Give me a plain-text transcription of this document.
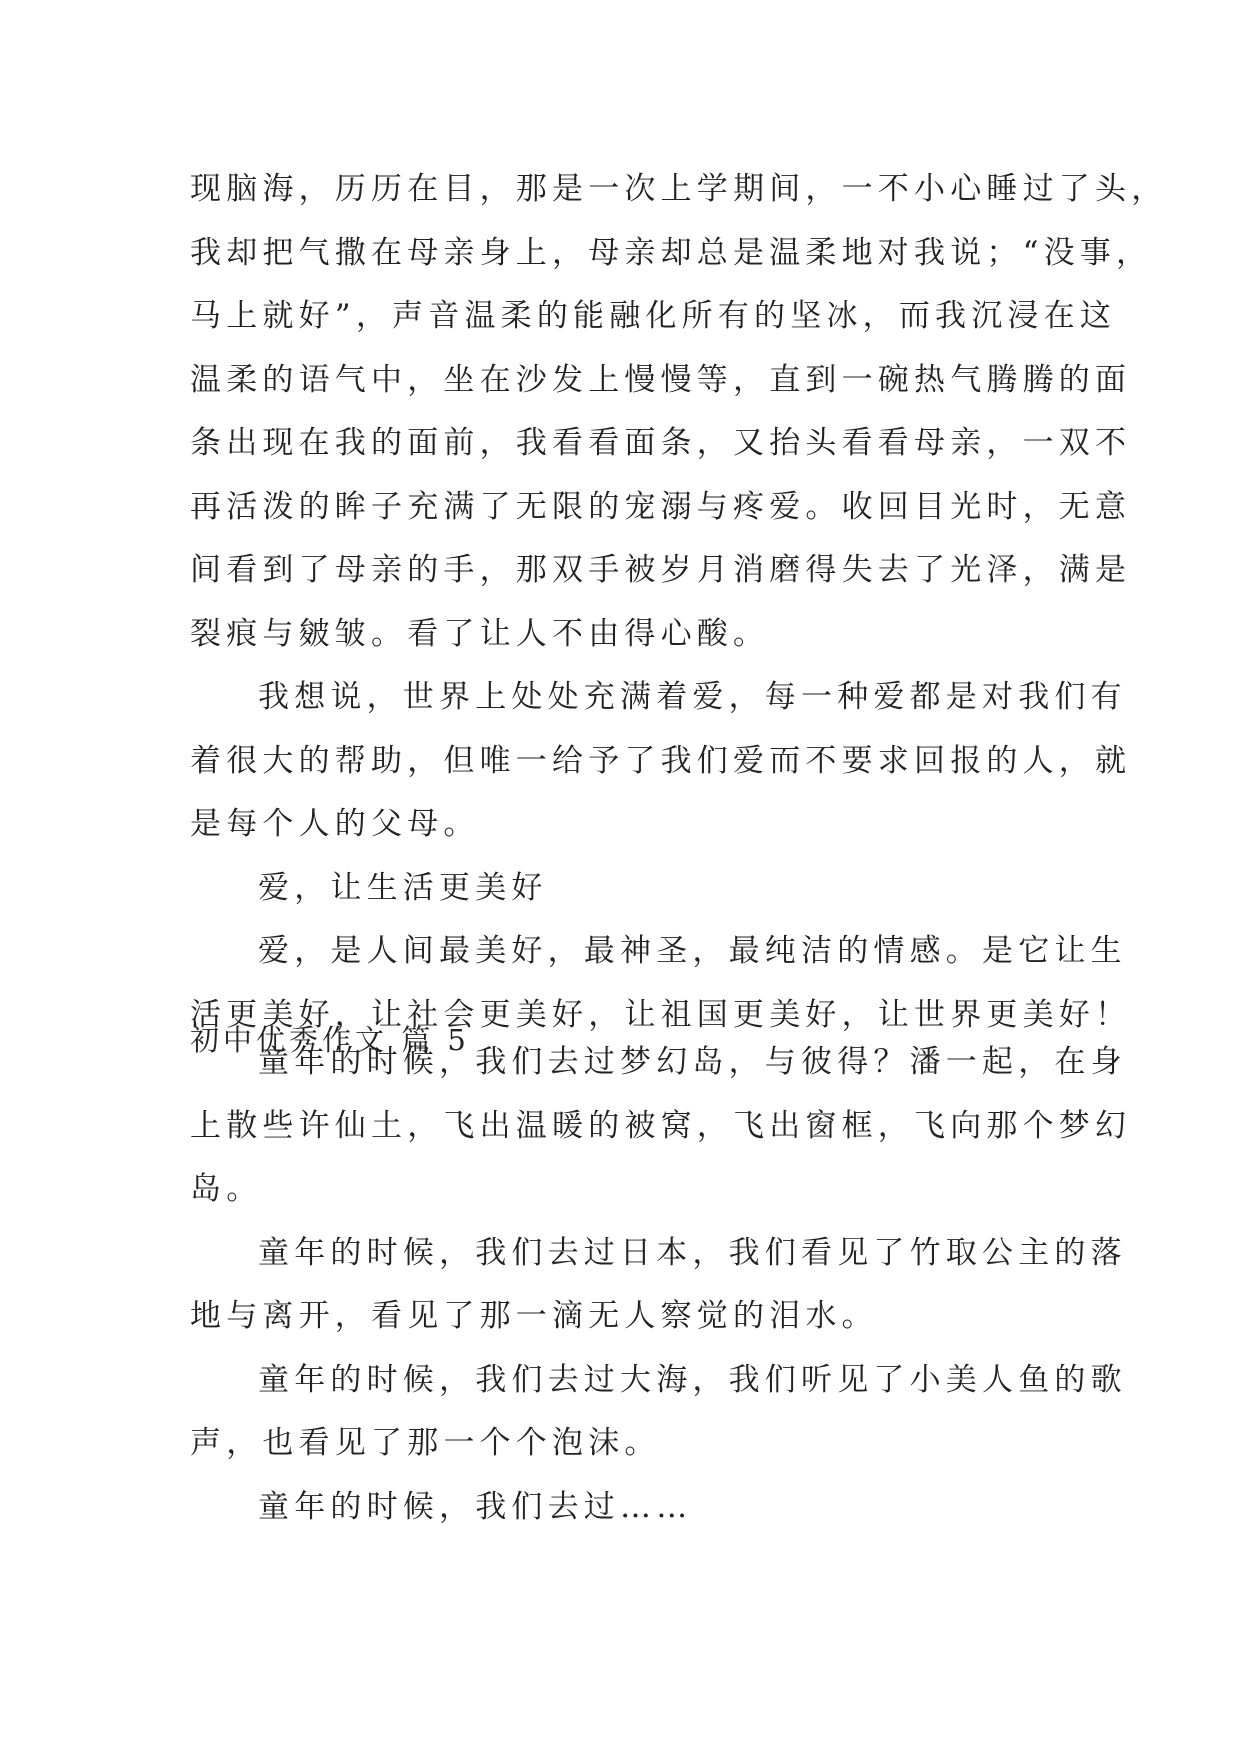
现脑海，历历在目，那是一次上学期间，一不小心睡过了头，
我却把气撒在母亲身上，母亲却总是温柔地对我说；“没事，
马上就好”，声音温柔的能融化所有的坚冰，而我沉浸在这
温柔的语气中，坐在沙发上慢慢等，直到一碗热气腾腾的面
条出现在我的面前，我看看面条，又抬头看看母亲，一双不
再活泼的眸子充满了无限的宠溺与疼爱。收回目光时，无意
间看到了母亲的手，那双手被岁月消磨得失去了光泽，满是
裂痕与皴皱。看了让人不由得心酸。
我想说，世界上处处充满着爱，每一种爱都是对我们有
着很大的帮助，但唯一给予了我们爱而不要求回报的人，就
是每个人的父母。
爱，让生活更美好
爱，是人间最美好，最神圣，最纯洁的情感。是它让生
活更美好，让社会更美好，让祖国更美好，让世界更美好！
初中优秀作文 篇 5
童年的时候，我们去过梦幻岛，与彼得？潘一起，在身
上散些许仙土，飞出温暖的被窝，飞出窗框，飞向那个梦幻
岛。
童年的时候，我们去过日本，我们看见了竹取公主的落
地与离开，看见了那一滴无人察觉的泪水。
童年的时候，我们去过大海，我们听见了小美人鱼的歌
声，也看见了那一个个泡沫。
童年的时候，我们去过……
